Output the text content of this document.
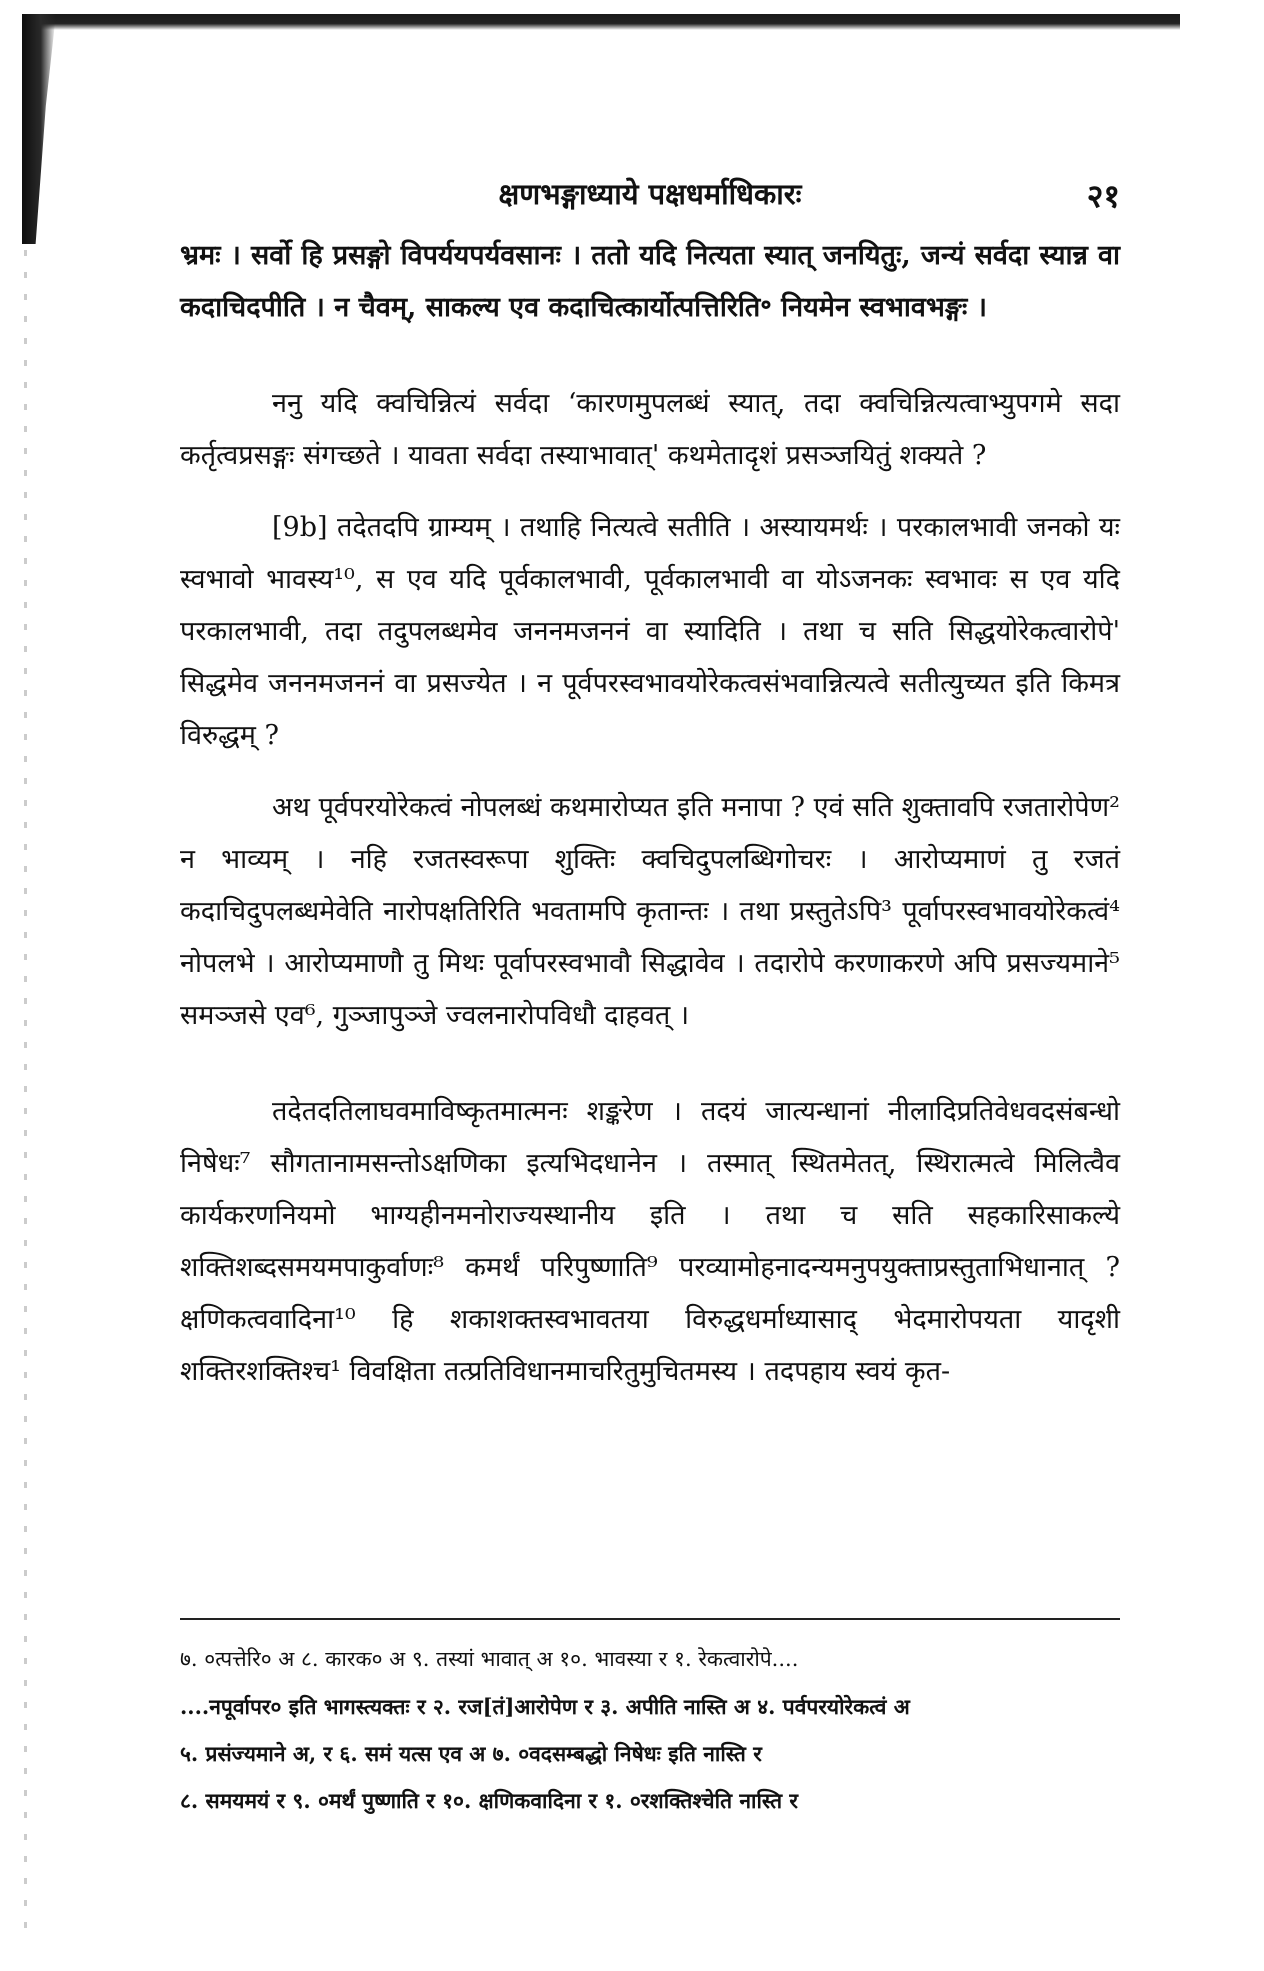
क्षणभङ्गाध्याये पक्षधर्माधिकारः	२१

भ्रमः । सर्वो हि प्रसङ्गो विपर्ययपर्यवसानः । ततो यदि नित्यता स्यात् जनयितुः, जन्यं सर्वदा स्यान्न वा कदाचिदपीति । न चैवम्, साकल्य एव कदाचित्कार्योत्पत्तिरिति॰ नियमेन स्वभावभङ्गः ।

ननु यदि क्वचिन्नित्यं सर्वदा ‘कारणमुपलब्धं स्यात्, तदा क्वचिन्नित्यत्वाभ्युपगमे सदा कर्तृत्वप्रसङ्गः संगच्छते । यावता सर्वदा तस्याभावात्' कथमेतादृशं प्रसञ्जयितुं शक्यते ?

[9b] तदेतदपि ग्राम्यम् । तथाहि नित्यत्वे सतीति । अस्यायमर्थः । परकालभावी जनको यः स्वभावो भावस्य¹⁰, स एव यदि पूर्वकालभावी, पूर्वकालभावी वा योऽजनकः स्वभावः स एव यदि परकालभावी, तदा तदुपलब्धमेव जननमजननं वा स्यादिति । तथा च सति सिद्धयोरेकत्वारोपे' सिद्धमेव जननमजननं वा प्रसज्येत । न पूर्वपरस्वभावयोरेकत्वसंभवान्नित्यत्वे सतीत्युच्यत इति किमत्र विरुद्धम् ?

अथ पूर्वपरयोरेकत्वं नोपलब्धं कथमारोप्यत इति मनापा ? एवं सति शुक्तावपि रजतारोपेण² न भाव्यम् । नहि रजतस्वरूपा शुक्तिः क्वचिदुपलब्धिगोचरः । आरोप्यमाणं तु रजतं कदाचिदुपलब्धमेवेति नारोपक्षतिरिति भवतामपि कृतान्तः । तथा प्रस्तुतेऽपि³ पूर्वापरस्वभावयोरेकत्वं⁴ नोपलभे । आरोप्यमाणौ तु मिथः पूर्वापरस्वभावौ सिद्धावेव । तदारोपे करणाकरणे अपि प्रसज्यमाने⁵ समञ्जसे एव⁶, गुञ्जापुञ्जे ज्वलनारोपविधौ दाहवत् ।

तदेतदतिलाघवमाविष्कृतमात्मनः शङ्करेण । तदयं जात्यन्धानां नीलादिप्रतिवेधवदसंबन्धो निषेधः⁷ सौगतानामसन्तोऽक्षणिका इत्यभिदधानेन । तस्मात् स्थितमेतत्, स्थिरात्मत्वे मिलित्वैव कार्यकरणनियमो भाग्यहीनमनोराज्यस्थानीय इति । तथा च सति सहकारिसाकल्ये शक्तिशब्दसमयमपाकुर्वाणः⁸ कमर्थं परिपुष्णाति⁹ परव्यामोहनादन्यमनुपयुक्ताप्रस्तुताभिधानात् ? क्षणिकत्ववादिना¹⁰ हि शकाशक्तस्वभावतया विरुद्धधर्माध्यासाद् भेदमारोपयता यादृशी शक्तिरशक्तिश्च¹ विवक्षिता तत्प्रतिविधानमाचरितुमुचितमस्य । तदपहाय स्वयं कृत-

७. ०त्पत्तेरि० अ ८. कारक० अ ९. तस्यां भावात् अ १०. भावस्या र १. रेकत्वारोपे....

....नपूर्वापर० इति भागस्त्यक्तः र २. रज[तं]आरोपेण र ३. अपीति नास्ति अ ४. पर्वपरयोरेकत्वं अ

५. प्रसंज्यमाने अ, र ६. समं यत्स एव अ ७. ०वदसम्बद्धो निषेधः इति नास्ति र

८. समयमयं र ९. ०मर्थं पुष्णाति र १०. क्षणिकवादिना र १. ०रशक्तिश्चेति नास्ति र
